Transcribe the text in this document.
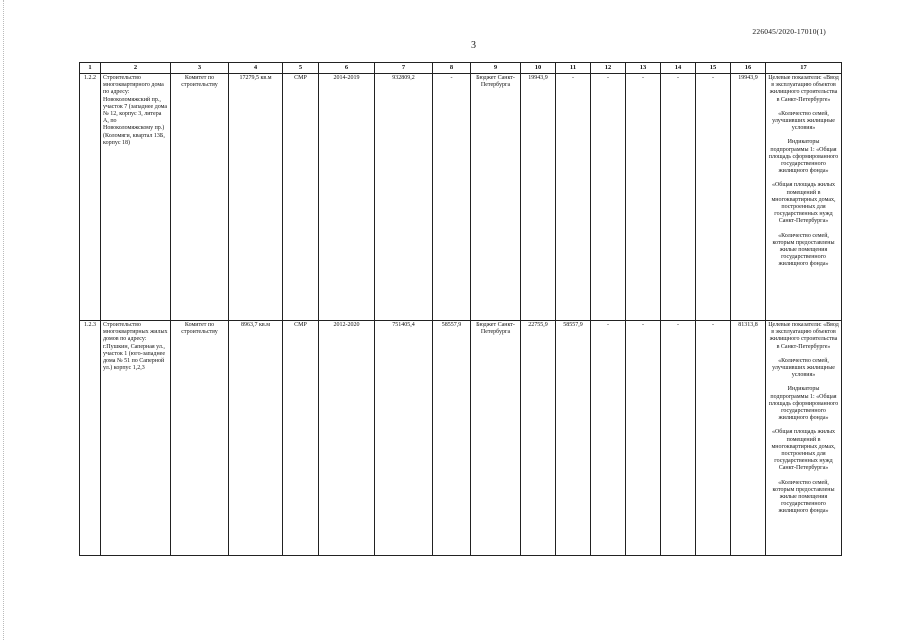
226045/2020-17010(1)
3
1	2	3	4	5	6	7	8	9	10	11	12	13	14	15	16	17
1.2.2	Строительство многоквартирного дома по адресу: Новоколомяжский пр., участок 7 (западнее дома № 12, корпус 3, литера А, по Новоколомяжскому пр.) (Коломяги, квартал 13Б, корпус 18)	Комитет по строительству	17279,5 кв.м	СМР	2014-2019	932809,2	-	Бюджет Санкт-Петербурга	19943,9	-	-	-	-	-	19943,9	Целевые показатели: «Ввод в эксплуатацию объектов жилищного строительства в Санкт-Петербурге»

«Количество семей, улучшивших жилищные условия»

Индикаторы подпрограммы 1: «Общая площадь сформированного государственного жилищного фонда»

«Общая площадь жилых помещений в многоквартирных домах, построенных для государственных нужд Санкт-Петербурга»

«Количество семей, которым предоставлены жилые помещения государственного жилищного фонда»

1.2.3	Строительство многоквартирных жилых домов по адресу: г.Пушкин, Саперная ул., участок 1 (юго-западнее дома № 51 по Саперной ул.) корпус 1,2,3	Комитет по строительству	8963,7 кв.м	СМР	2012-2020	751405,4	58557,9	Бюджет Санкт-Петербурга	22755,9	58557,9	-	-	-	-	81313,8	Целевые показатели: «Ввод в эксплуатацию объектов жилищного строительства в Санкт-Петербурге»

«Количество семей, улучшивших жилищные условия»

Индикаторы подпрограммы 1: «Общая площадь сформированного государственного жилищного фонда»

«Общая площадь жилых помещений в многоквартирных домах, построенных для государственных нужд Санкт-Петербурга»

«Количество семей, которым предоставлены жилые помещения государственного жилищного фонда»
